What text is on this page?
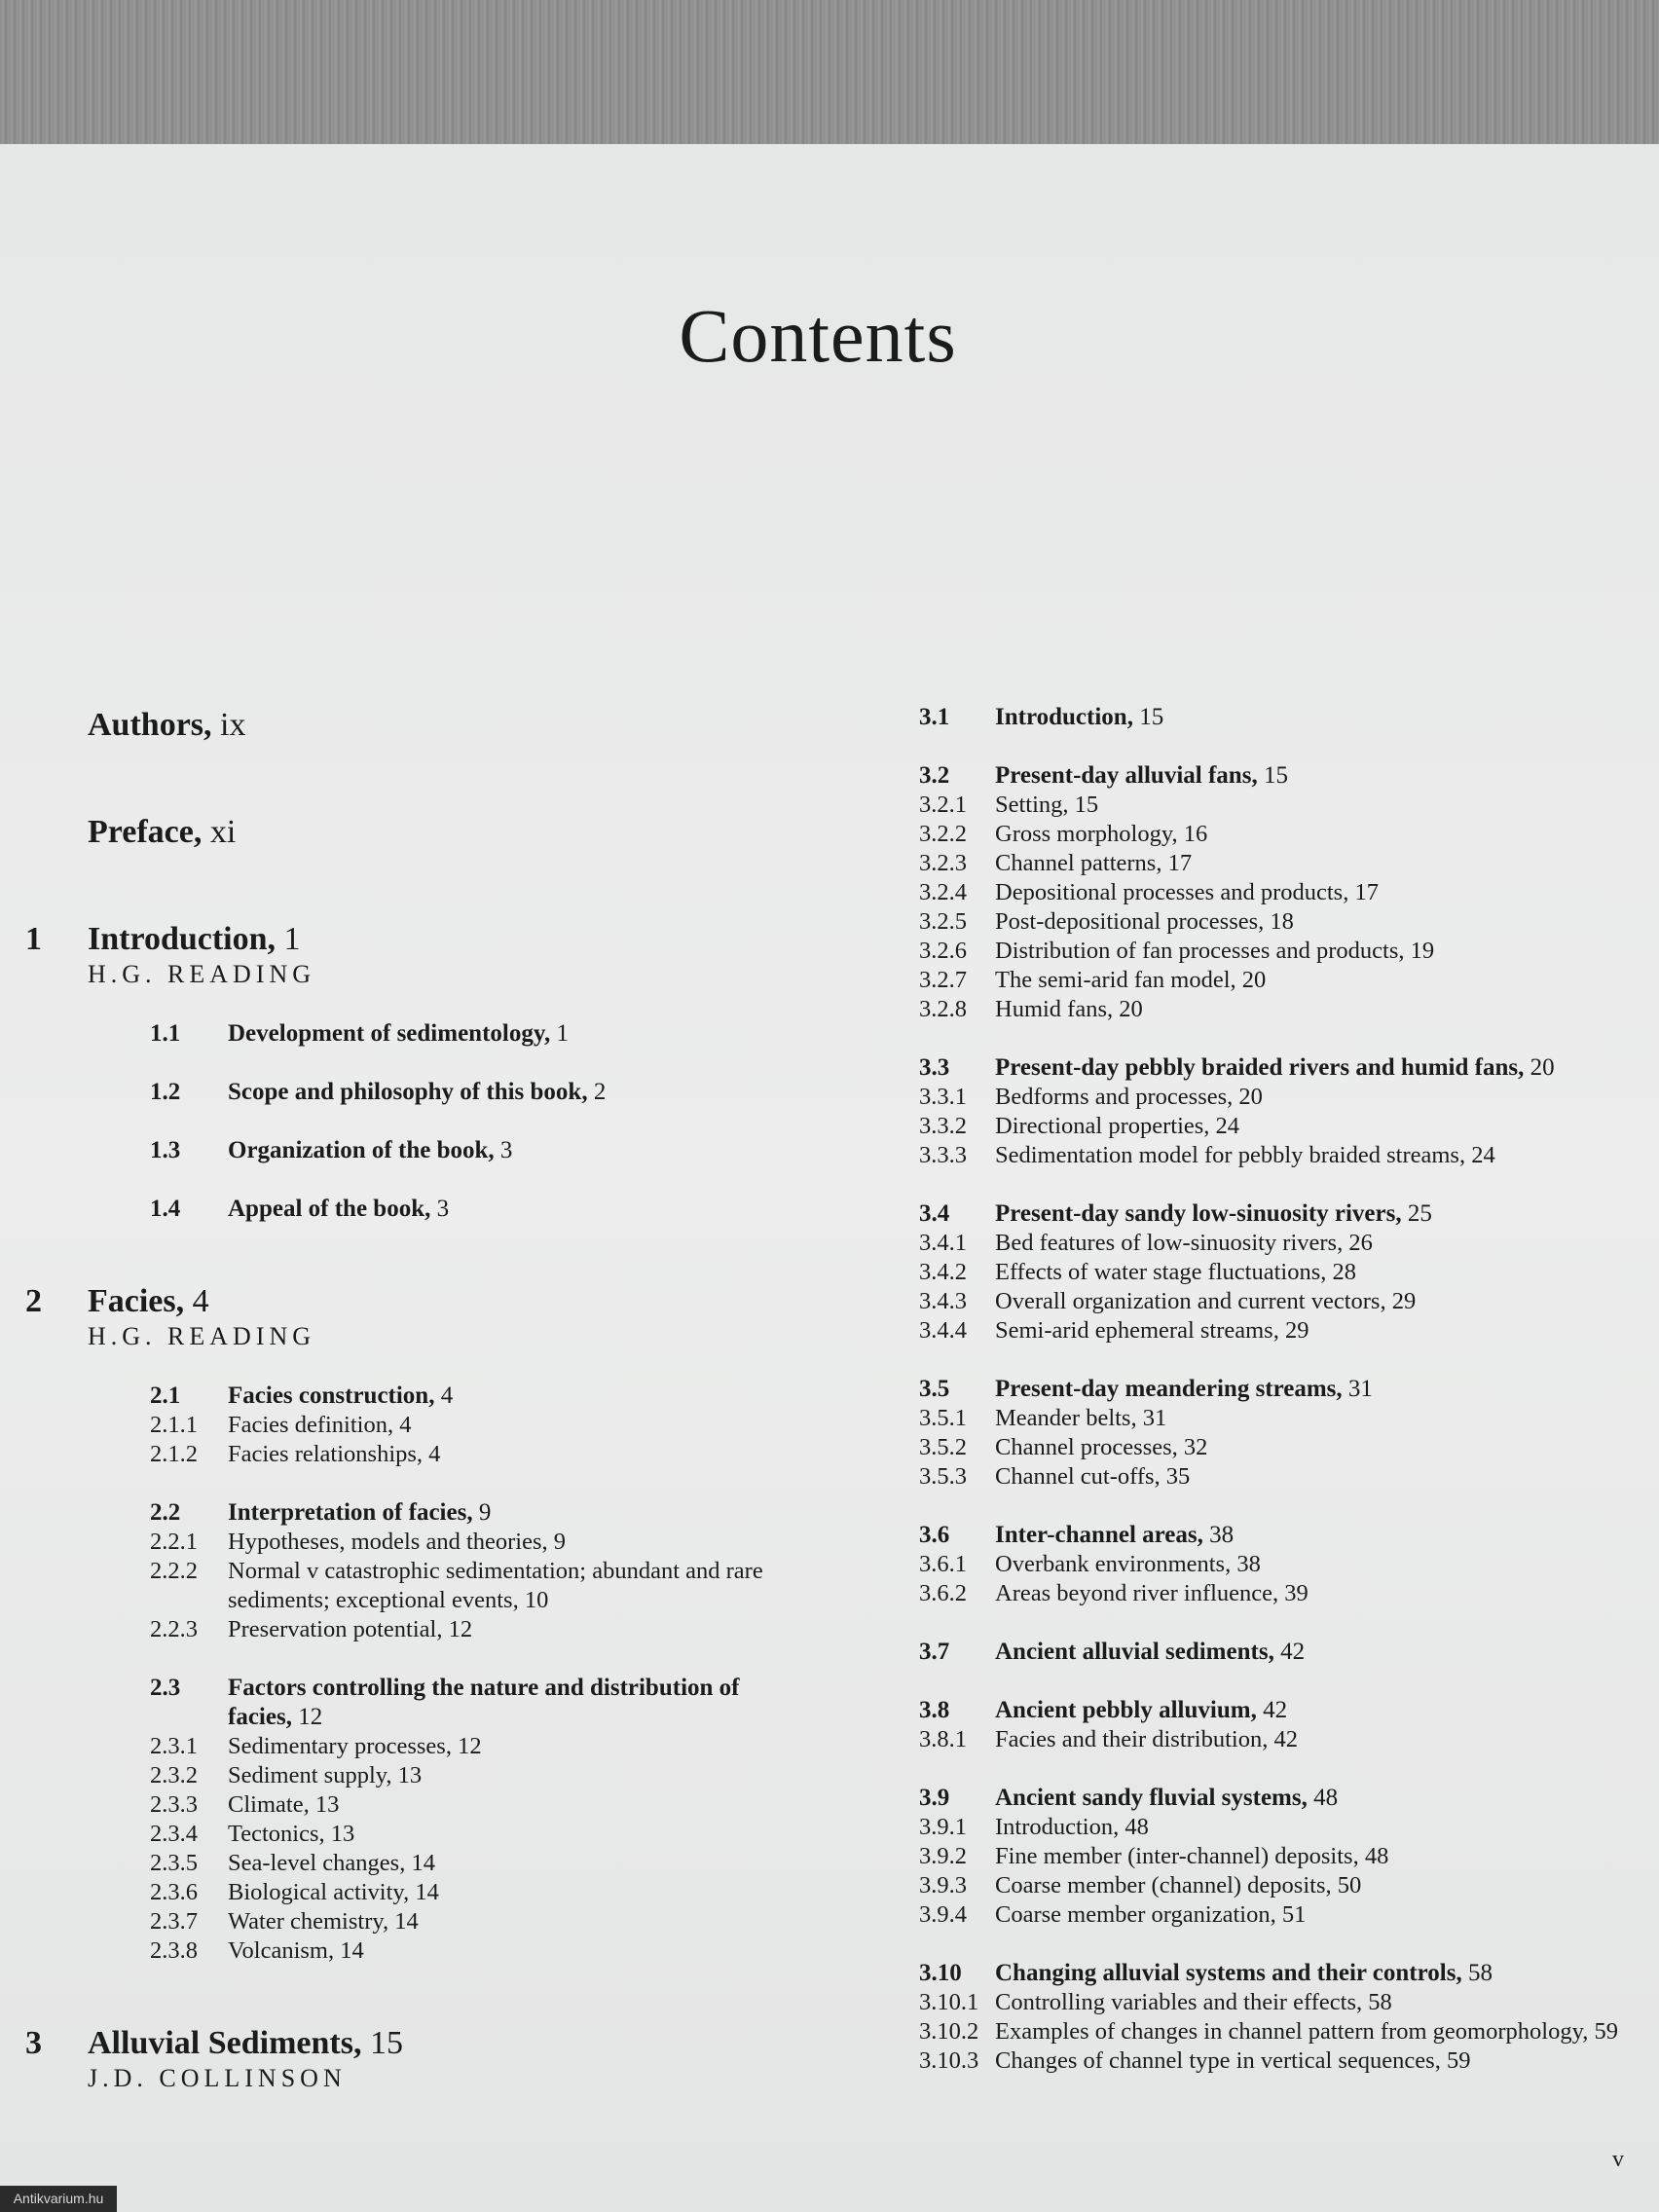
Contents
Authors, ix
Preface, xi
1	Introduction, 1
H.G. READING
1.1	Development of sedimentology, 1
1.2	Scope and philosophy of this book, 2
1.3	Organization of the book, 3
1.4	Appeal of the book, 3
2	Facies, 4
H.G. READING
2.1	Facies construction, 4
2.1.1	Facies definition, 4
2.1.2	Facies relationships, 4
2.2	Interpretation of facies, 9
2.2.1	Hypotheses, models and theories, 9
2.2.2	Normal v catastrophic sedimentation; abundant and rare sediments; exceptional events, 10
2.2.3	Preservation potential, 12
2.3	Factors controlling the nature and distribution of facies, 12
2.3.1	Sedimentary processes, 12
2.3.2	Sediment supply, 13
2.3.3	Climate, 13
2.3.4	Tectonics, 13
2.3.5	Sea-level changes, 14
2.3.6	Biological activity, 14
2.3.7	Water chemistry, 14
2.3.8	Volcanism, 14
3	Alluvial Sediments, 15
J.D. COLLINSON
3.1	Introduction, 15
3.2	Present-day alluvial fans, 15
3.2.1	Setting, 15
3.2.2	Gross morphology, 16
3.2.3	Channel patterns, 17
3.2.4	Depositional processes and products, 17
3.2.5	Post-depositional processes, 18
3.2.6	Distribution of fan processes and products, 19
3.2.7	The semi-arid fan model, 20
3.2.8	Humid fans, 20
3.3	Present-day pebbly braided rivers and humid fans, 20
3.3.1	Bedforms and processes, 20
3.3.2	Directional properties, 24
3.3.3	Sedimentation model for pebbly braided streams, 24
3.4	Present-day sandy low-sinuosity rivers, 25
3.4.1	Bed features of low-sinuosity rivers, 26
3.4.2	Effects of water stage fluctuations, 28
3.4.3	Overall organization and current vectors, 29
3.4.4	Semi-arid ephemeral streams, 29
3.5	Present-day meandering streams, 31
3.5.1	Meander belts, 31
3.5.2	Channel processes, 32
3.5.3	Channel cut-offs, 35
3.6	Inter-channel areas, 38
3.6.1	Overbank environments, 38
3.6.2	Areas beyond river influence, 39
3.7	Ancient alluvial sediments, 42
3.8	Ancient pebbly alluvium, 42
3.8.1	Facies and their distribution, 42
3.9	Ancient sandy fluvial systems, 48
3.9.1	Introduction, 48
3.9.2	Fine member (inter-channel) deposits, 48
3.9.3	Coarse member (channel) deposits, 50
3.9.4	Coarse member organization, 51
3.10	Changing alluvial systems and their controls, 58
3.10.1 Controlling variables and their effects, 58
3.10.2 Examples of changes in channel pattern from geomorphology, 59
3.10.3 Changes of channel type in vertical sequences, 59
v
Antikvarium.hu
